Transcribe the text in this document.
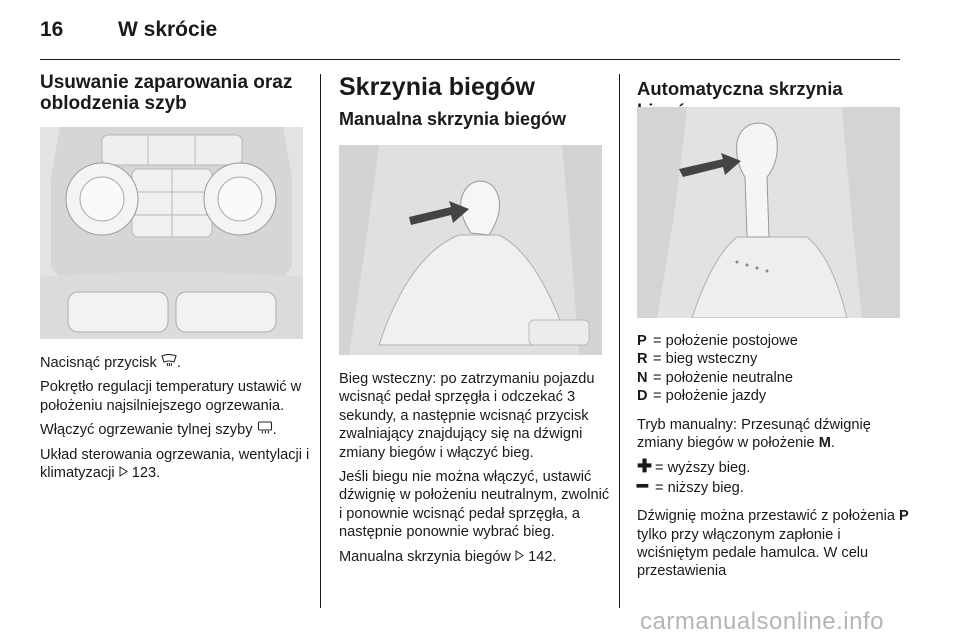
16	W skrócie
Usuwanie zaparowania oraz oblodzenia szyb

Nacisnąć przycisk .

Pokrętło regulacji temperatury ustawić w położeniu najsilniejszego ogrzewania.

Włączyć ogrzewanie tylnej szyby .

Układ sterowania ogrzewania, wentylacji i klimatyzacji  123.

Skrzynia biegów
Manualna skrzynia biegów

Bieg wsteczny: po zatrzymaniu pojazdu wcisnąć pedał sprzęgła i odczekać 3 sekundy, a następnie wcisnąć przycisk zwalniający znajdujący się na dźwigni zmiany biegów i włączyć bieg.

Jeśli biegu nie można włączyć, ustawić dźwignię w położeniu neutralnym, zwolnić i ponownie wcisnąć pedał sprzęgła, a następnie ponownie wybrać bieg.

Manualna skrzynia biegów  142.

Automatyczna skrzynia
P = położenie postojowe
R = bieg wsteczny
N = położenie neutralne
D = położenie jazdy

Tryb manualny: Przesunąć dźwignię zmiany biegów w położenie M.

✚ = wyższy bieg.
━ = niższy bieg.

Dźwignię można przestawić z położenia P tylko przy włączonym zapłonie i wciśniętym pedale hamulca. W celu przestawienia

carmanualsonline.info
